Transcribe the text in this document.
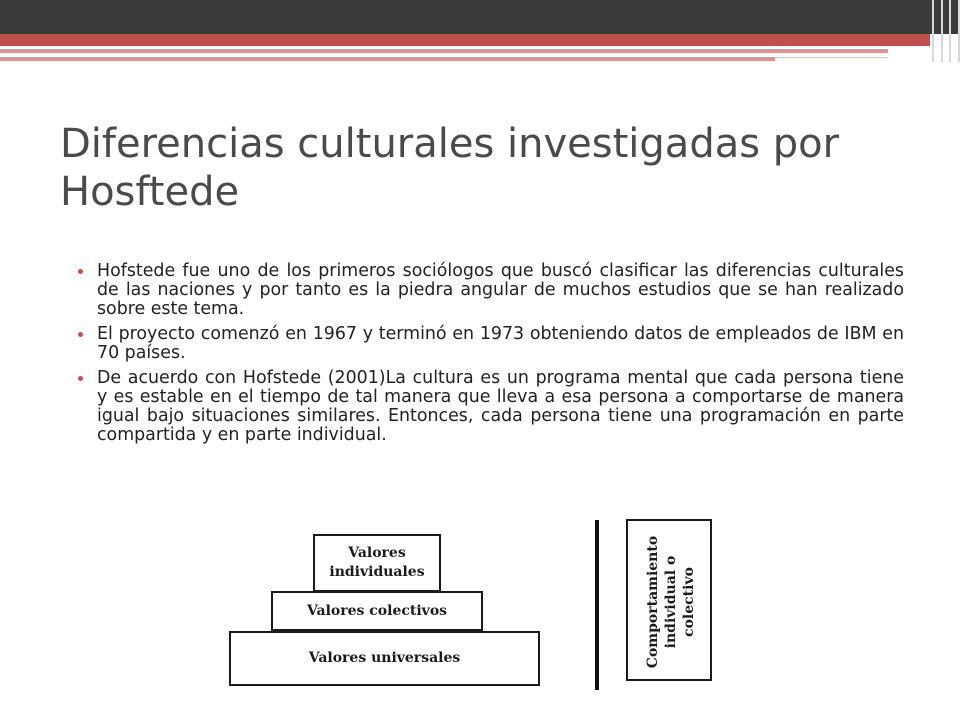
Diferencias culturales investigadas por Hosftede
Hofstede fue uno de los primeros sociólogos que buscó clasificar las diferencias culturales de las naciones y por tanto es la piedra angular de muchos estudios que se han realizado sobre este tema.
El proyecto comenzó en 1967 y terminó en 1973 obteniendo datos de empleados de IBM en 70 países.
De acuerdo con Hofstede (2001)La cultura es un programa mental que cada persona tiene y es estable en el tiempo de tal manera que lleva a esa persona a comportarse de manera igual bajo situaciones similares. Entonces, cada persona tiene una programación en parte compartida y en parte individual.
Valores individuales
Valores colectivos
Valores universales	Comportamiento
individual o
colectivo
